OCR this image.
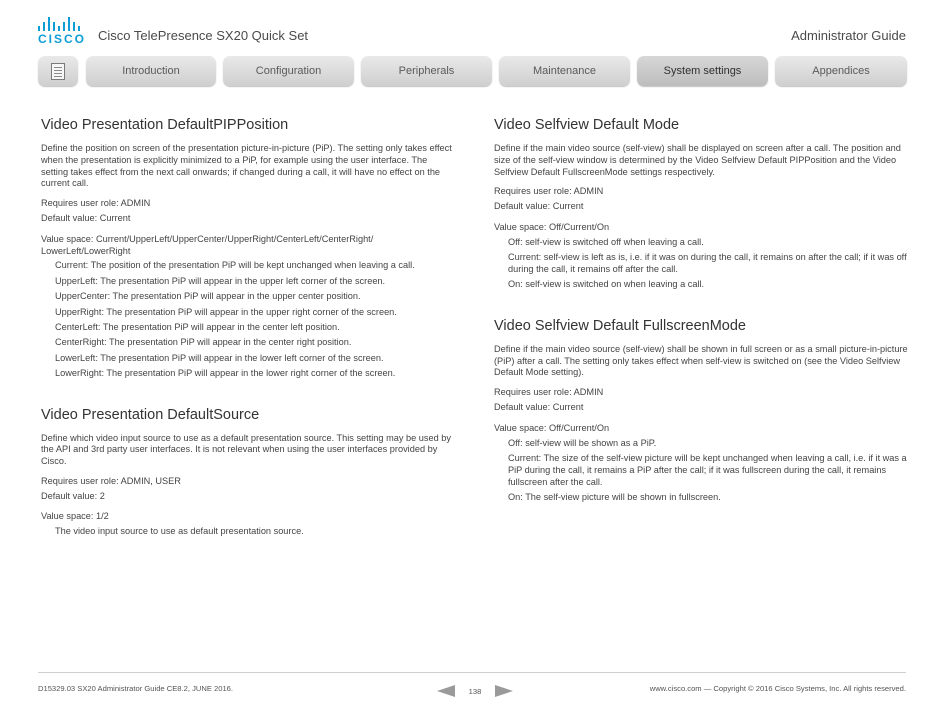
CISCO Cisco TelePresence SX20 Quick Set	Administrator Guide
Introduction	Configuration	Peripherals	Maintenance	System settings	Appendices
Video Presentation DefaultPIPPosition

Define the position on screen of the presentation picture-in-picture (PiP). The setting only takes effect when the presentation is explicitly minimized to a PiP, for example using the user interface. The setting takes effect from the next call onwards; if changed during a call, it will have no effect on the current call.

Requires user role: ADMIN

Default value: Current

Value space: Current/UpperLeft/UpperCenter/UpperRight/CenterLeft/CenterRight/ LowerLeft/LowerRight

Current: The position of the presentation PiP will be kept unchanged when leaving a call.

UpperLeft: The presentation PiP will appear in the upper left corner of the screen.

UpperCenter: The presentation PiP will appear in the upper center position.

UpperRight: The presentation PiP will appear in the upper right corner of the screen.

CenterLeft: The presentation PiP will appear in the center left position.

CenterRight: The presentation PiP will appear in the center right position.

LowerLeft: The presentation PiP will appear in the lower left corner of the screen.

LowerRight: The presentation PiP will appear in the lower right corner of the screen.

Video Presentation DefaultSource

Define which video input source to use as a default presentation source. This setting may be used by the API and 3rd party user interfaces. It is not relevant when using the user interfaces provided by Cisco.

Requires user role: ADMIN, USER

Default value: 2

Value space: 1/2

The video input source to use as default presentation source.

Video Selfview Default Mode

Define if the main video source (self-view) shall be displayed on screen after a call. The position and size of the self-view window is determined by the Video Selfview Default PIPPosition and the Video Selfview Default FullscreenMode settings respectively.

Requires user role: ADMIN

Default value: Current

Value space: Off/Current/On

Off: self-view is switched off when leaving a call.

Current: self-view is left as is, i.e. if it was on during the call, it remains on after the call; if it was off during the call, it remains off after the call.

On: self-view is switched on when leaving a call.

Video Selfview Default FullscreenMode

Define if the main video source (self-view) shall be shown in full screen or as a small picture-in-picture (PiP) after a call. The setting only takes effect when self-view is switched on (see the Video Selfview Default Mode setting).

Requires user role: ADMIN

Default value: Current

Value space: Off/Current/On

Off: self-view will be shown as a PiP.

Current: The size of the self-view picture will be kept unchanged when leaving a call, i.e. if it was a PiP during the call, it remains a PiP after the call; if it was fullscreen during the call, it remains fullscreen after the call.

On: The self-view picture will be shown in fullscreen.

D15329.03 SX20 Administrator Guide CE8.2, JUNE 2016.	138	www.cisco.com — Copyright © 2016 Cisco Systems, Inc. All rights reserved.
